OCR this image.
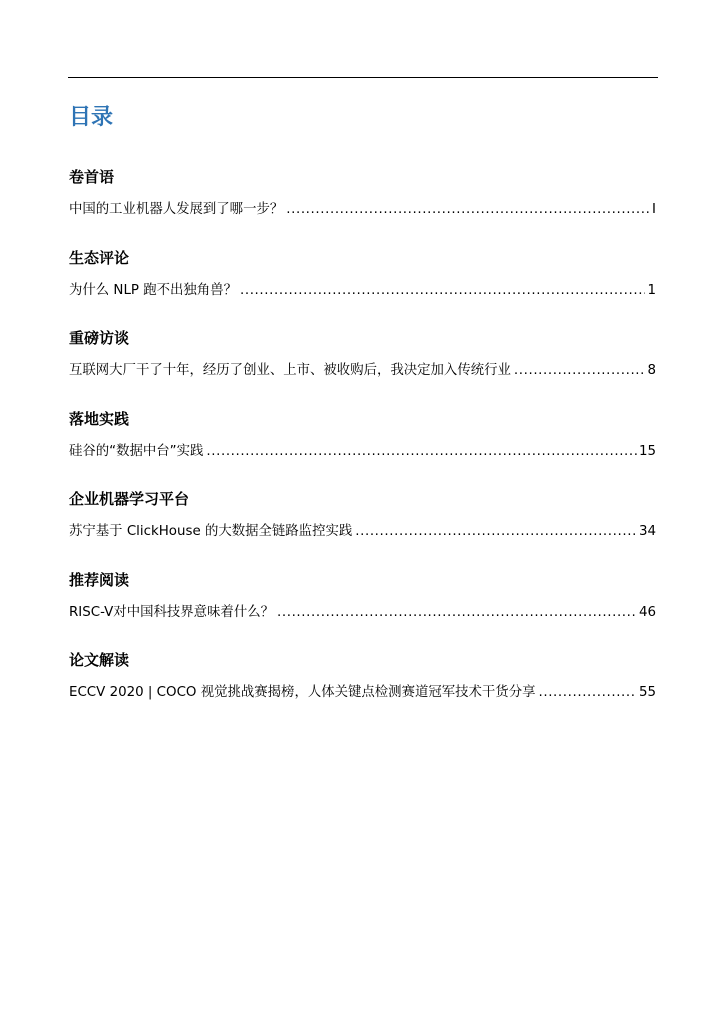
目录
卷首语
中国的工业机器人发展到了哪一步？ .....	I
生态评论
为什么 NLP 跑不出独角兽？ .....	1
重磅访谈
互联网大厂干了十年，经历了创业、上市、被收购后，我决定加入传统行业 .....	8
落地实践
硅谷的“数据中台”实践 .....	15
企业机器学习平台
苏宁基于 ClickHouse 的大数据全链路监控实践 .....	34
推荐阅读
RISC-V对中国科技界意味着什么？ .....	46
论文解读
ECCV 2020 | COCO 视觉挑战赛揭榜，人体关键点检测赛道冠军技术干货分享 .....	55
